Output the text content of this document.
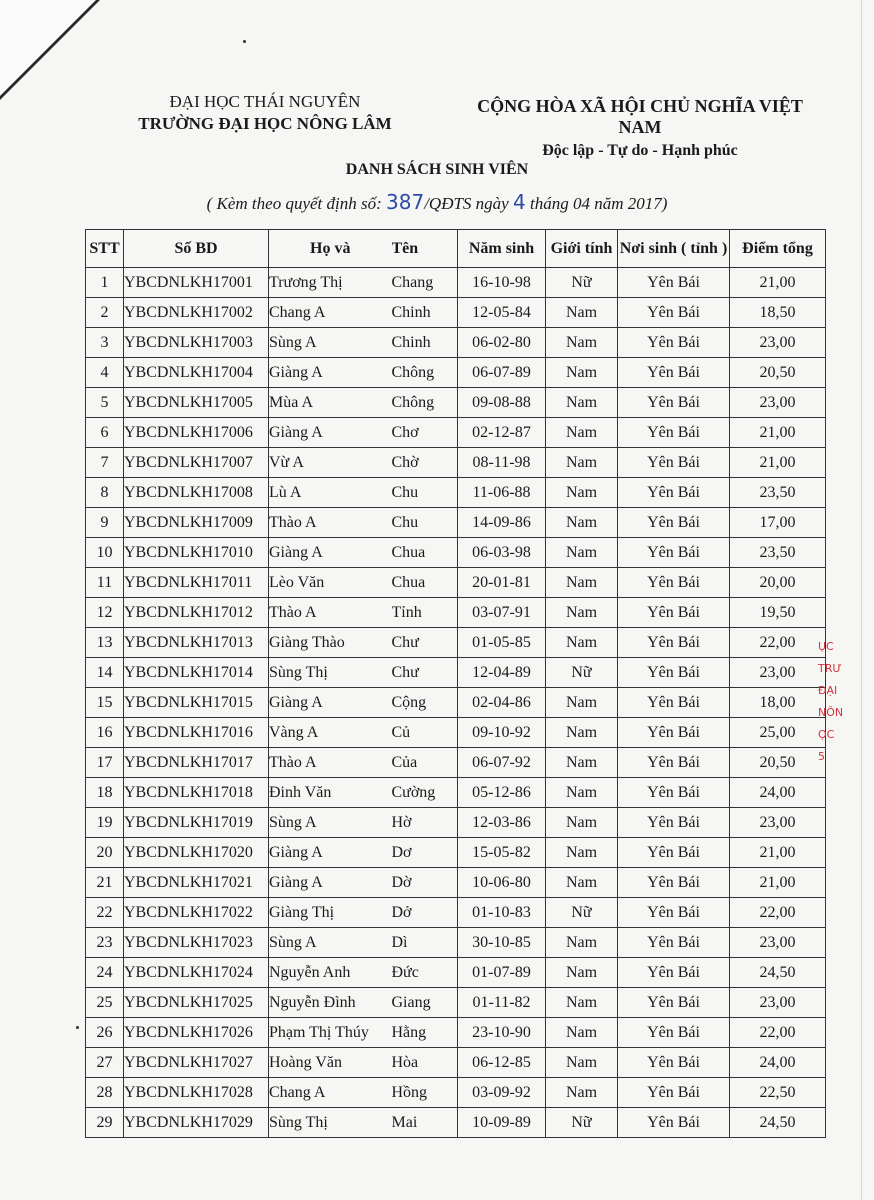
ĐẠI HỌC THÁI NGUYÊN
TRƯỜNG ĐẠI HỌC NÔNG LÂM
CỘNG HÒA XÃ HỘI CHỦ NGHĨA VIỆT NAM
Độc lập - Tự do - Hạnh phúc
DANH SÁCH SINH VIÊN
( Kèm theo quyết định số: 387/QĐTS ngày 4 tháng 04 năm 2017)
STT	Số BD	Họ và	Tên	Năm sinh	Giới tính	Nơi sinh ( tỉnh )	Điểm tổng
1	YBCDNLKH17001	Trương Thị	Chang	16-10-98	Nữ	Yên Bái	21,00
2	YBCDNLKH17002	Chang A	Chinh	12-05-84	Nam	Yên Bái	18,50
3	YBCDNLKH17003	Sùng A	Chinh	06-02-80	Nam	Yên Bái	23,00
4	YBCDNLKH17004	Giàng A	Chông	06-07-89	Nam	Yên Bái	20,50
5	YBCDNLKH17005	Mùa A	Chông	09-08-88	Nam	Yên Bái	23,00
6	YBCDNLKH17006	Giàng A	Chơ	02-12-87	Nam	Yên Bái	21,00
7	YBCDNLKH17007	Vừ A	Chờ	08-11-98	Nam	Yên Bái	21,00
8	YBCDNLKH17008	Lù A	Chu	11-06-88	Nam	Yên Bái	23,50
9	YBCDNLKH17009	Thào A	Chu	14-09-86	Nam	Yên Bái	17,00
10	YBCDNLKH17010	Giàng A	Chua	06-03-98	Nam	Yên Bái	23,50
11	YBCDNLKH17011	Lèo Văn	Chua	20-01-81	Nam	Yên Bái	20,00
12	YBCDNLKH17012	Thào A	Tỉnh	03-07-91	Nam	Yên Bái	19,50
13	YBCDNLKH17013	Giàng Thào	Chư	01-05-85	Nam	Yên Bái	22,00
14	YBCDNLKH17014	Sùng Thị	Chư	12-04-89	Nữ	Yên Bái	23,00
15	YBCDNLKH17015	Giàng A	Cộng	02-04-86	Nam	Yên Bái	18,00
16	YBCDNLKH17016	Vàng A	Củ	09-10-92	Nam	Yên Bái	25,00
17	YBCDNLKH17017	Thào A	Của	06-07-92	Nam	Yên Bái	20,50
18	YBCDNLKH17018	Đinh Văn	Cường	05-12-86	Nam	Yên Bái	24,00
19	YBCDNLKH17019	Sùng A	Hờ	12-03-86	Nam	Yên Bái	23,00
20	YBCDNLKH17020	Giàng A	Dơ	15-05-82	Nam	Yên Bái	21,00
21	YBCDNLKH17021	Giàng A	Dờ	10-06-80	Nam	Yên Bái	21,00
22	YBCDNLKH17022	Giàng Thị	Dở	01-10-83	Nữ	Yên Bái	22,00
23	YBCDNLKH17023	Sùng A	Dì	30-10-85	Nam	Yên Bái	23,00
24	YBCDNLKH17024	Nguyễn Anh	Đức	01-07-89	Nam	Yên Bái	24,50
25	YBCDNLKH17025	Nguyễn Đình	Giang	01-11-82	Nam	Yên Bái	23,00
26	YBCDNLKH17026	Phạm Thị Thúy	Hằng	23-10-90	Nam	Yên Bái	22,00
27	YBCDNLKH17027	Hoàng Văn	Hòa	06-12-85	Nam	Yên Bái	24,00
28	YBCDNLKH17028	Chang A	Hồng	03-09-92	Nam	Yên Bái	22,50
29	YBCDNLKH17029	Sùng Thị	Mai	10-09-89	Nữ	Yên Bái	24,50
ỤC
TRƯ
ĐẠI
NÔN
ỌC
5
